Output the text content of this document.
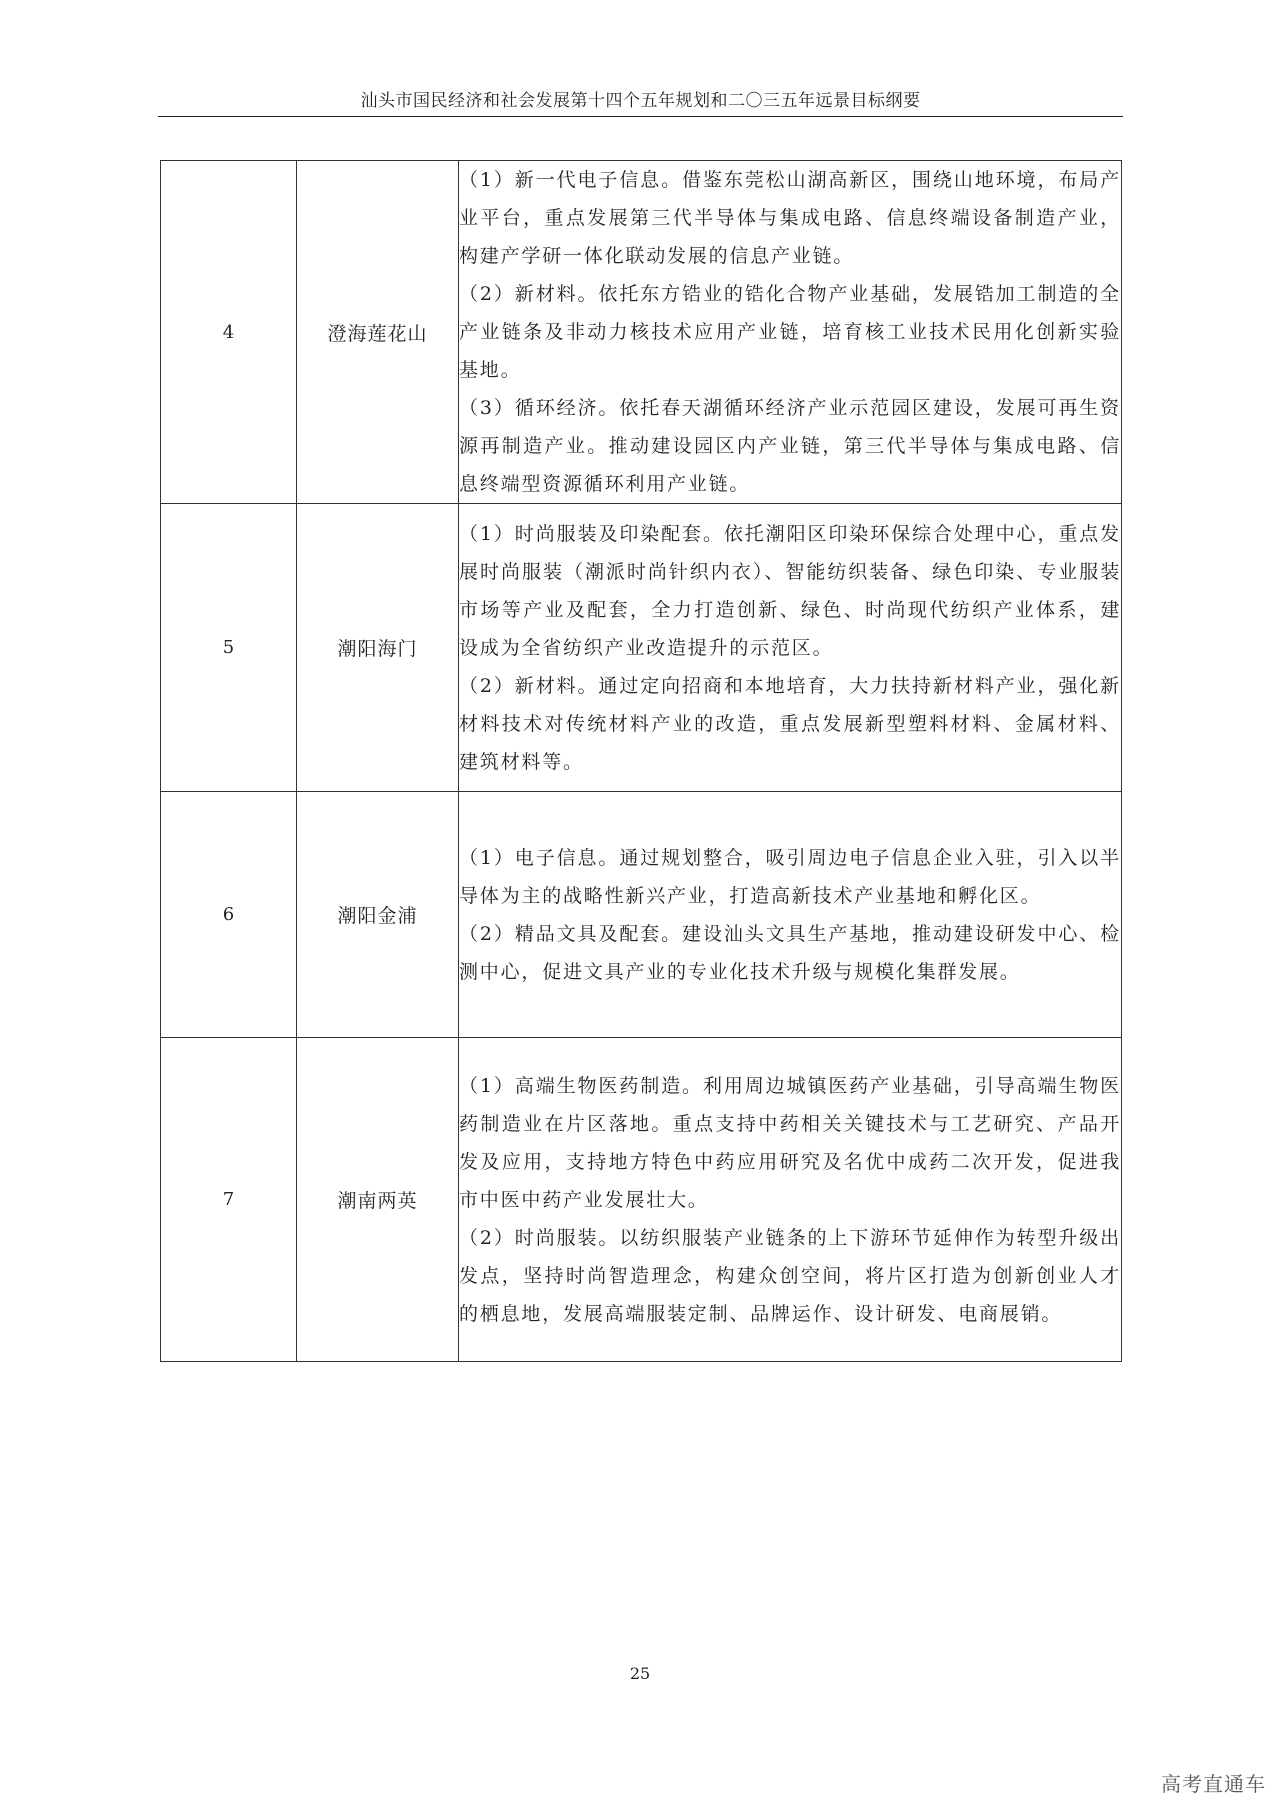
汕头市国民经济和社会发展第十四个五年规划和二〇三五年远景目标纲要
4	澄海莲花山	（1）新一代电子信息。借鉴东莞松山湖高新区，围绕山地环境，布局产业平台，重点发展第三代半导体与集成电路、信息终端设备制造产业，构建产学研一体化联动发展的信息产业链。

（2）新材料。依托东方锆业的锆化合物产业基础，发展锆加工制造的全产业链条及非动力核技术应用产业链，培育核工业技术民用化创新实验基地。

（3）循环经济。依托春天湖循环经济产业示范园区建设，发展可再生资源再制造产业。推动建设园区内产业链，第三代半导体与集成电路、信息终端型资源循环利用产业链。

5	潮阳海门	（1）时尚服装及印染配套。依托潮阳区印染环保综合处理中心，重点发展时尚服装（潮派时尚针织内衣）、智能纺织装备、绿色印染、专业服装市场等产业及配套，全力打造创新、绿色、时尚现代纺织产业体系，建设成为全省纺织产业改造提升的示范区。

（2）新材料。通过定向招商和本地培育，大力扶持新材料产业，强化新材料技术对传统材料产业的改造，重点发展新型塑料材料、金属材料、建筑材料等。

6	潮阳金浦	（1）电子信息。通过规划整合，吸引周边电子信息企业入驻，引入以半导体为主的战略性新兴产业，打造高新技术产业基地和孵化区。

（2）精品文具及配套。建设汕头文具生产基地，推动建设研发中心、检测中心，促进文具产业的专业化技术升级与规模化集群发展。

7	潮南两英	（1）高端生物医药制造。利用周边城镇医药产业基础，引导高端生物医药制造业在片区落地。重点支持中药相关关键技术与工艺研究、产品开发及应用，支持地方特色中药应用研究及名优中成药二次开发，促进我市中医中药产业发展壮大。

（2）时尚服装。以纺织服装产业链条的上下游环节延伸作为转型升级出发点，坚持时尚智造理念，构建众创空间，将片区打造为创新创业人才的栖息地，发展高端服装定制、品牌运作、设计研发、电商展销。

25
高考直通车
